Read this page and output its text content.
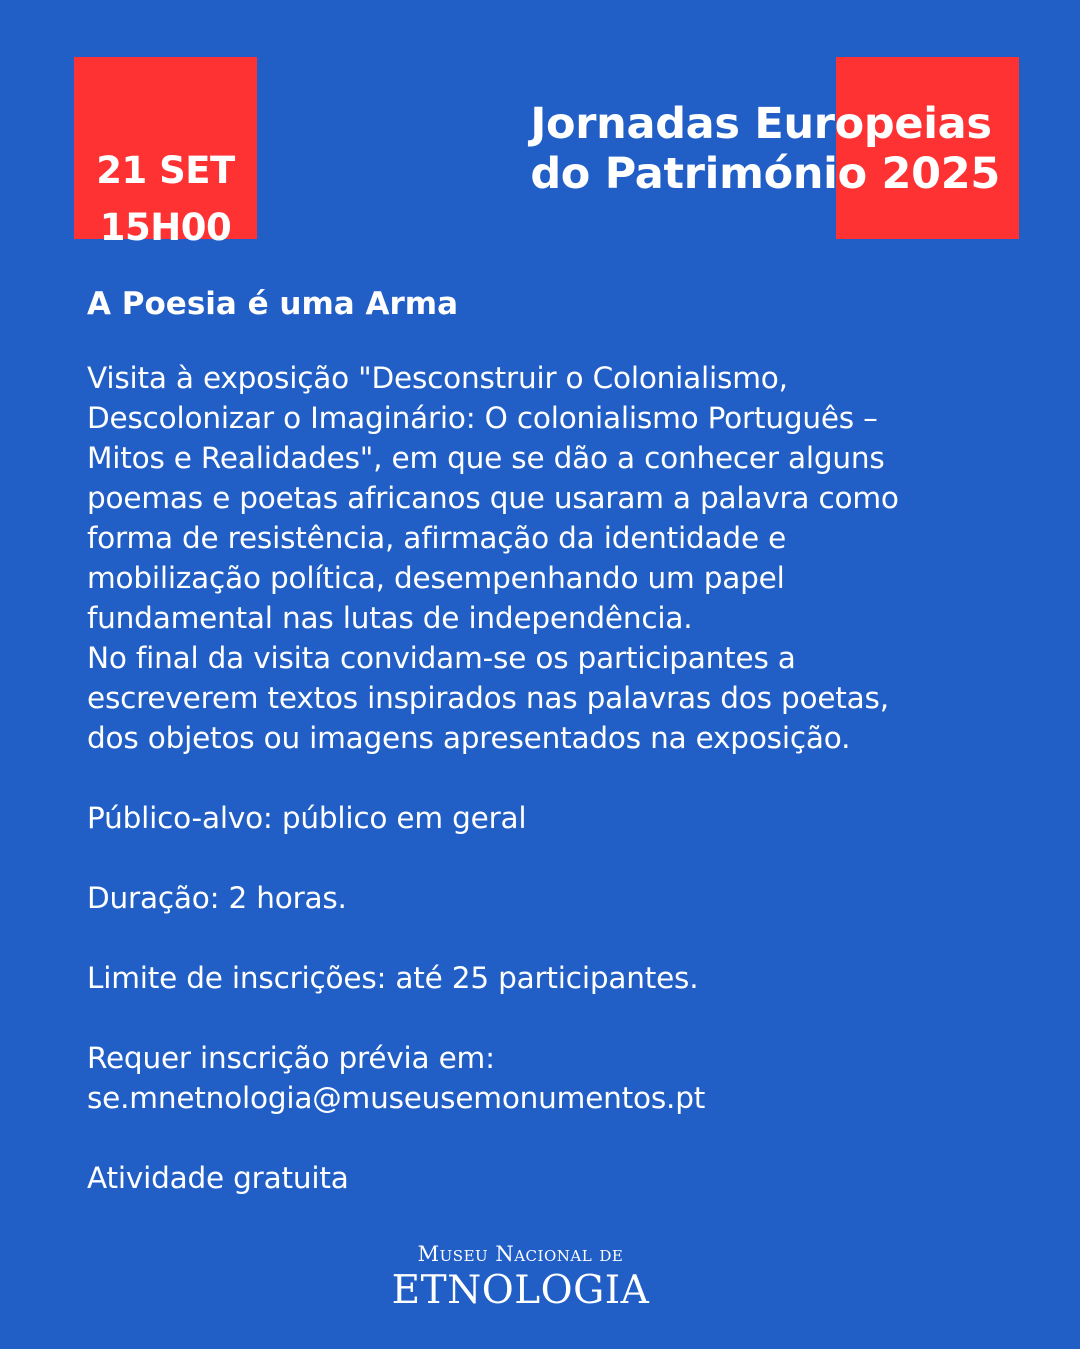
21 SET
15H00
Jornadas Europeias
do Património 2025
A Poesia é uma Arma

Visita à exposição "Desconstruir o Colonialismo,

Descolonizar o Imaginário: O colonialismo Português –

Mitos e Realidades", em que se dão a conhecer alguns

poemas e poetas africanos que usaram a palavra como

forma de resistência, afirmação da identidade e

mobilização política, desempenhando um papel

fundamental nas lutas de independência.

No final da visita convidam-se os participantes a

escreverem textos inspirados nas palavras dos poetas,

dos objetos ou imagens apresentados na exposição.

Público-alvo: público em geral

Duração: 2 horas.

Limite de inscrições: até 25 participantes.

Requer inscrição prévia em:

se.mnetnologia@museusemonumentos.pt

Atividade gratuita

Museu Nacional de
ETNOLOGIA
